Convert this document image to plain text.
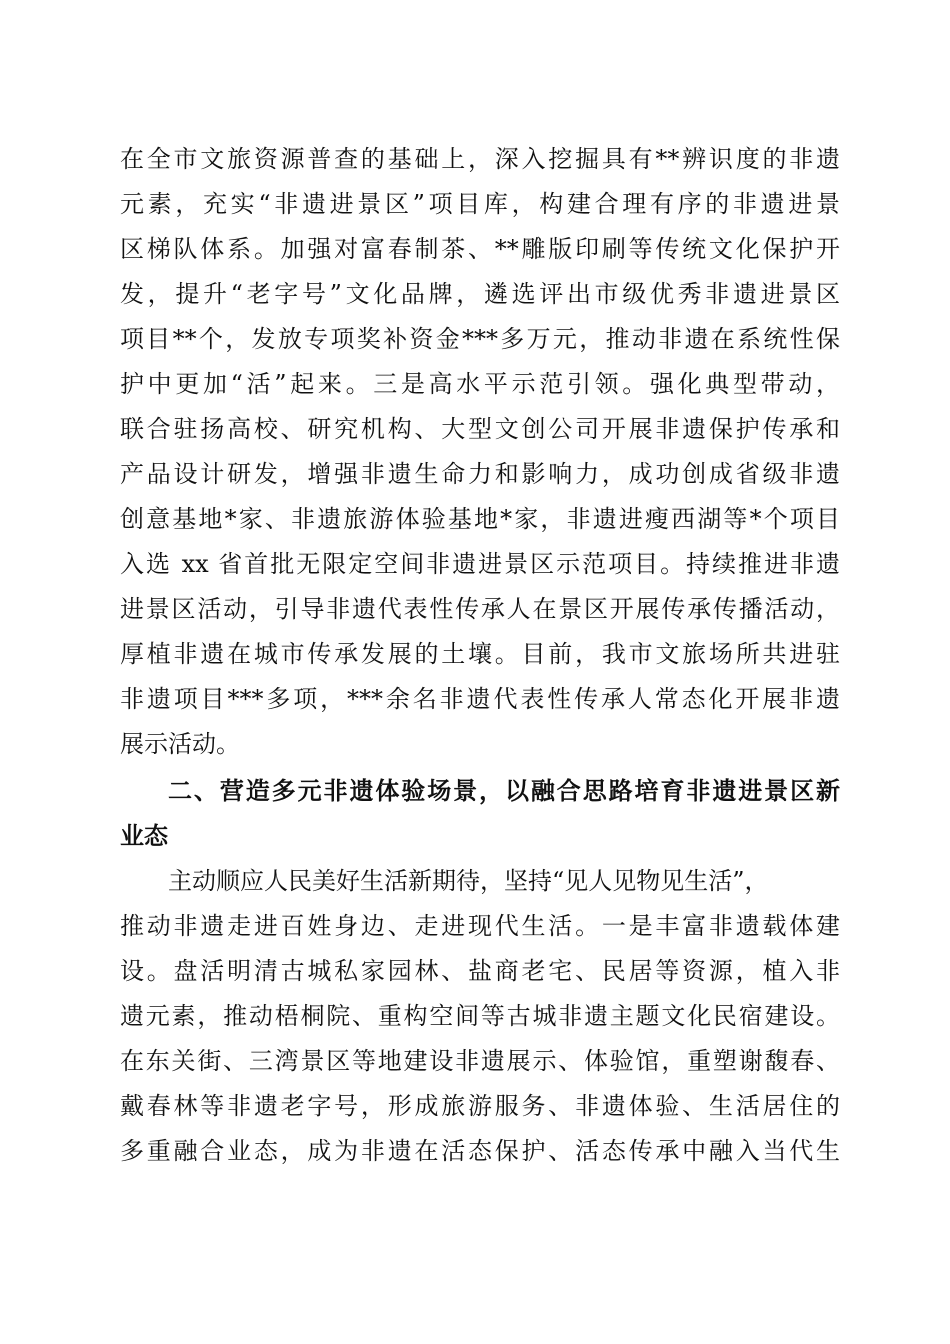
在全市文旅资源普查的基础上，深入挖掘具有**辨识度的非遗
元素，充实“非遗进景区”项目库，构建合理有序的非遗进景
区梯队体系。加强对富春制茶、**雕版印刷等传统文化保护开
发，提升“老字号”文化品牌，遴选评出市级优秀非遗进景区
项目**个，发放专项奖补资金***多万元，推动非遗在系统性保
护中更加“活”起来。三是高水平示范引领。强化典型带动，
联合驻扬高校、研究机构、大型文创公司开展非遗保护传承和
产品设计研发，增强非遗生命力和影响力，成功创成省级非遗
创意基地*家、非遗旅游体验基地*家，非遗进瘦西湖等*个项目
入选 xx 省首批无限定空间非遗进景区示范项目。持续推进非遗
进景区活动，引导非遗代表性传承人在景区开展传承传播活动，
厚植非遗在城市传承发展的土壤。目前，我市文旅场所共进驻
非遗项目***多项，***余名非遗代表性传承人常态化开展非遗
展示活动。
二、营造多元非遗体验场景，以融合思路培育非遗进景区新
业态
主动顺应人民美好生活新期待，坚持“见人见物见生活”，
推动非遗走进百姓身边、走进现代生活。一是丰富非遗载体建
设。盘活明清古城私家园林、盐商老宅、民居等资源，植入非
遗元素，推动梧桐院、重构空间等古城非遗主题文化民宿建设。
在东关街、三湾景区等地建设非遗展示、体验馆，重塑谢馥春、
戴春林等非遗老字号，形成旅游服务、非遗体验、生活居住的
多重融合业态，成为非遗在活态保护、活态传承中融入当代生
